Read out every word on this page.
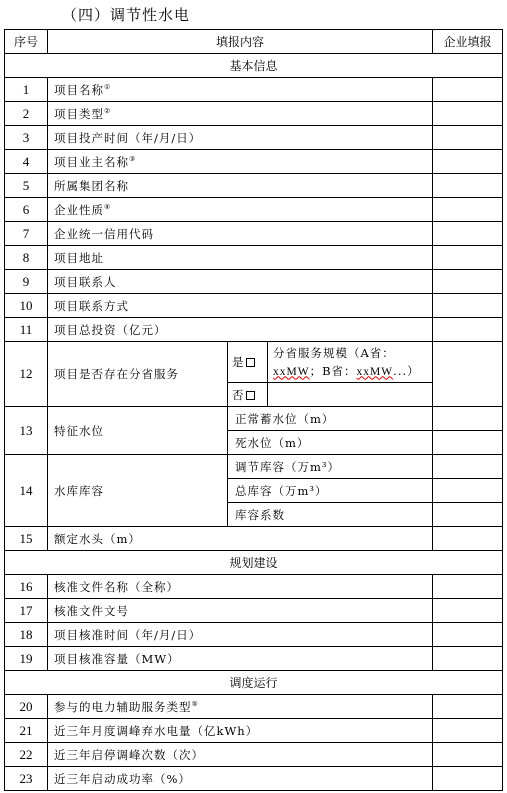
（四）调节性水电
序号	填报内容			企业填报
基本信息				
1	项目名称①	
2	项目类型②	
3	项目投产时间（年/月/日）			
4	项目业主名称③	
5	所属集团名称			
6	企业性质④	
7	企业统一信用代码			
8	项目地址			
9	项目联系人			
10	项目联系方式			
11	项目总投资（亿元）			
12	项目是否存在分省服务	是	分省服务规模（A省：
xxMW；B省：xxMW...）	
		否		
13	特征水位	正常蓄水位（m）		
		死水位（m）		
14	水库库容	调节库容（万m³）		
		总库容（万m³）		
		库容系数		
15	额定水头（m）			
规划建设				
16	核准文件名称（全称）			
17	核准文件文号			
18	项目核准时间（年/月/日）			
19	项目核准容量（MW）			
调度运行				
20	参与的电力辅助服务类型⑤	
21	近三年月度调峰弃水电量（亿kWh）			
22	近三年启停调峰次数（次）			
23	近三年启动成功率（%）			
